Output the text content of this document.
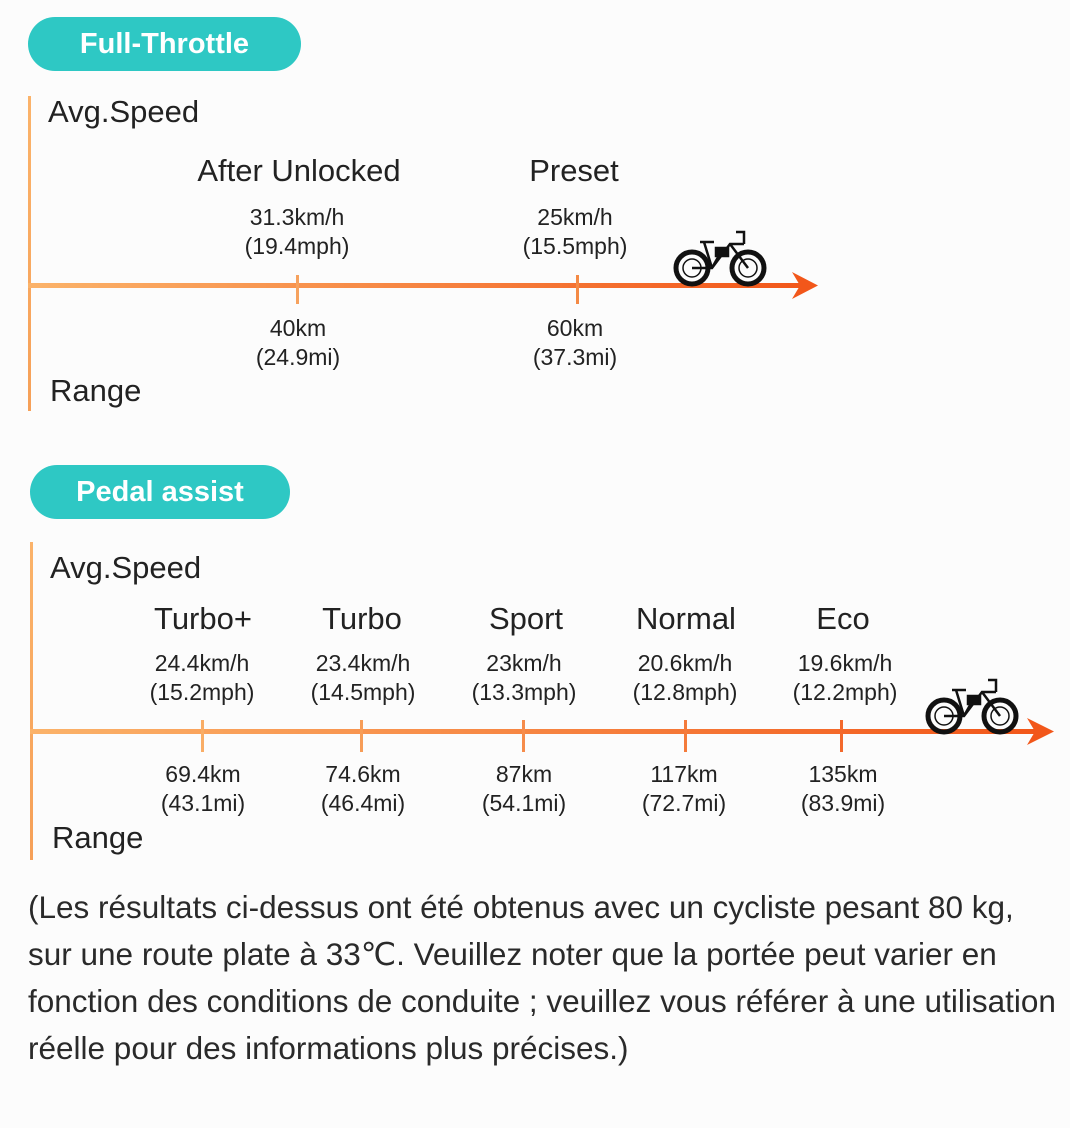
Full-Throttle
Avg.Speed
Range
After Unlocked
31.3km/h
(19.4mph)
40km
(24.9mi)
Preset
25km/h
(15.5mph)
60km
(37.3mi)
Pedal assist
Avg.Speed
Range
Turbo+
24.4km/h
(15.2mph)
69.4km
(43.1mi)
Turbo
23.4km/h
(14.5mph)
74.6km
(46.4mi)
Sport
23km/h
(13.3mph)
87km
(54.1mi)
Normal
20.6km/h
(12.8mph)
117km
(72.7mi)
Eco
19.6km/h
(12.2mph)
135km
(83.9mi)
(Les résultats ci-dessus ont été obtenus avec un cycliste pesant 80 kg, sur une route plate à 33℃. Veuillez noter que la portée peut varier en fonction des conditions de conduite ; veuillez vous référer à une utilisation réelle pour des informations plus précises.)
